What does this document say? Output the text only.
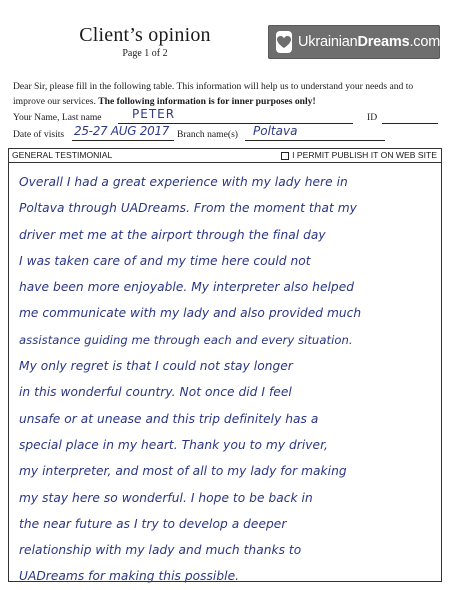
Client’s opinion
Page 1 of 2
UkrainianDreams.com
Dear Sir, please fill in the following table. This information will help us to understand your needs and to
improve our services. The following information is for inner purposes only!
Your Name, Last name	PETER	ID
Date of visits 25-27 AUG 2017 Branch name(s) Poltava
GENERAL TESTIMONIAL	I PERMIT PUBLISH IT ON WEB SITE
Overall I had a great experience with my lady here in
Poltava through UADreams. From the moment that my
driver met me at the airport through the final day
I was taken care of and my time here could not
have been more enjoyable. My interpreter also helped
me communicate with my lady and also provided much
assistance guiding me through each and every situation.
My only regret is that I could not stay longer
in this wonderful country. Not once did I feel
unsafe or at unease and this trip definitely has a
special place in my heart. Thank you to my driver,
my interpreter, and most of all to my lady for making
my stay here so wonderful. I hope to be back in
the near future as I try to develop a deeper
relationship with my lady and much thanks to
UADreams for making this possible.
